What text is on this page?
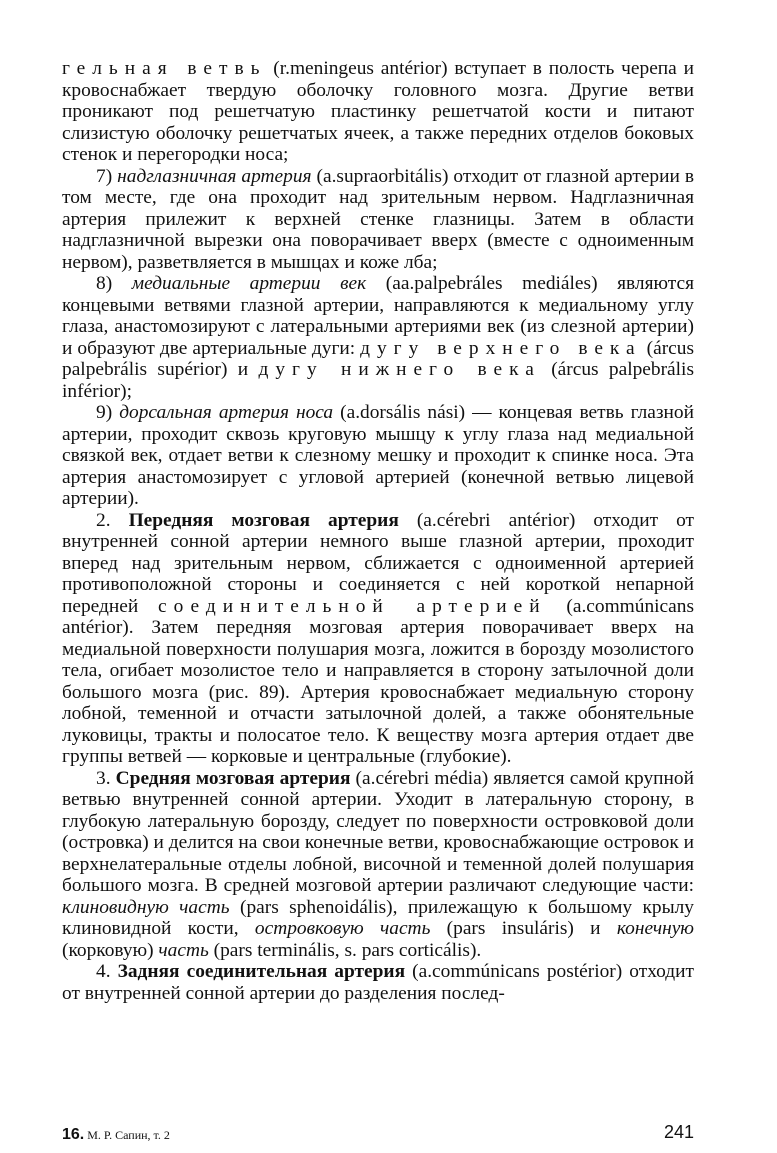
гельная ветвь (r.meningeus antérior) вступает в полость черепа и кровоснабжает твердую оболочку головного мозга. Другие ветви проникают под решетчатую пластинку решетчатой кости и питают слизистую оболочку решетчатых ячеек, а также передних отделов боковых стенок и перегородки носа;

7) надглазничная артерия (a.supraorbitális) отходит от глазной артерии в том месте, где она проходит над зрительным нервом. Надглазничная артерия прилежит к верхней стенке глазницы. Затем в области надглазничной вырезки она поворачивает вверх (вместе с одноименным нервом), разветвляется в мышцах и коже лба;

8) медиальные артерии век (aa.palpebráles mediáles) являются концевыми ветвями глазной артерии, направляются к медиальному углу глаза, анастомозируют с латеральными артериями век (из слезной артерии) и образуют две артериальные дуги: дугу верхнего века (árcus palpebrális supérior) и дугу нижнего века (árcus palpebrális inférior);

9) дорсальная артерия носа (a.dorsális nási) — концевая ветвь глазной артерии, проходит сквозь круговую мышцу к углу глаза над медиальной связкой век, отдает ветви к слезному мешку и проходит к спинке носа. Эта артерия анастомозирует с угловой артерией (конечной ветвью лицевой артерии).

2. Передняя мозговая артерия (a.cérebri antérior) отходит от внутренней сонной артерии немного выше глазной артерии, проходит вперед над зрительным нервом, сближается с одноименной артерией противоположной стороны и соединяется с ней короткой непарной передней соединительной артерией (a.commúnicans antérior). Затем передняя мозговая артерия поворачивает вверх на медиальной поверхности полушария мозга, ложится в борозду мозолистого тела, огибает мозолистое тело и направляется в сторону затылочной доли большого мозга (рис. 89). Артерия кровоснабжает медиальную сторону лобной, теменной и отчасти затылочной долей, а также обонятельные луковицы, тракты и полосатое тело. К веществу мозга артерия отдает две группы ветвей — корковые и центральные (глубокие).

3. Средняя мозговая артерия (a.cérebri média) является самой крупной ветвью внутренней сонной артерии. Уходит в латеральную сторону, в глубокую латеральную борозду, следует по поверхности островковой доли (островка) и делится на свои конечные ветви, кровоснабжающие островок и верхнелатеральные отделы лобной, височной и теменной долей полушария большого мозга. В средней мозговой артерии различают следующие части: клиновидную часть (pars sphenoidális), прилежащую к большому крылу клиновидной кости, островковую часть (pars insuláris) и конечную (корковую) часть (pars terminális, s. pars corticális).

4. Задняя соединительная артерия (a.commúnicans postérior) отходит от внутренней сонной артерии до разделения послед-

16. М. Р. Сапин, т. 2	241
